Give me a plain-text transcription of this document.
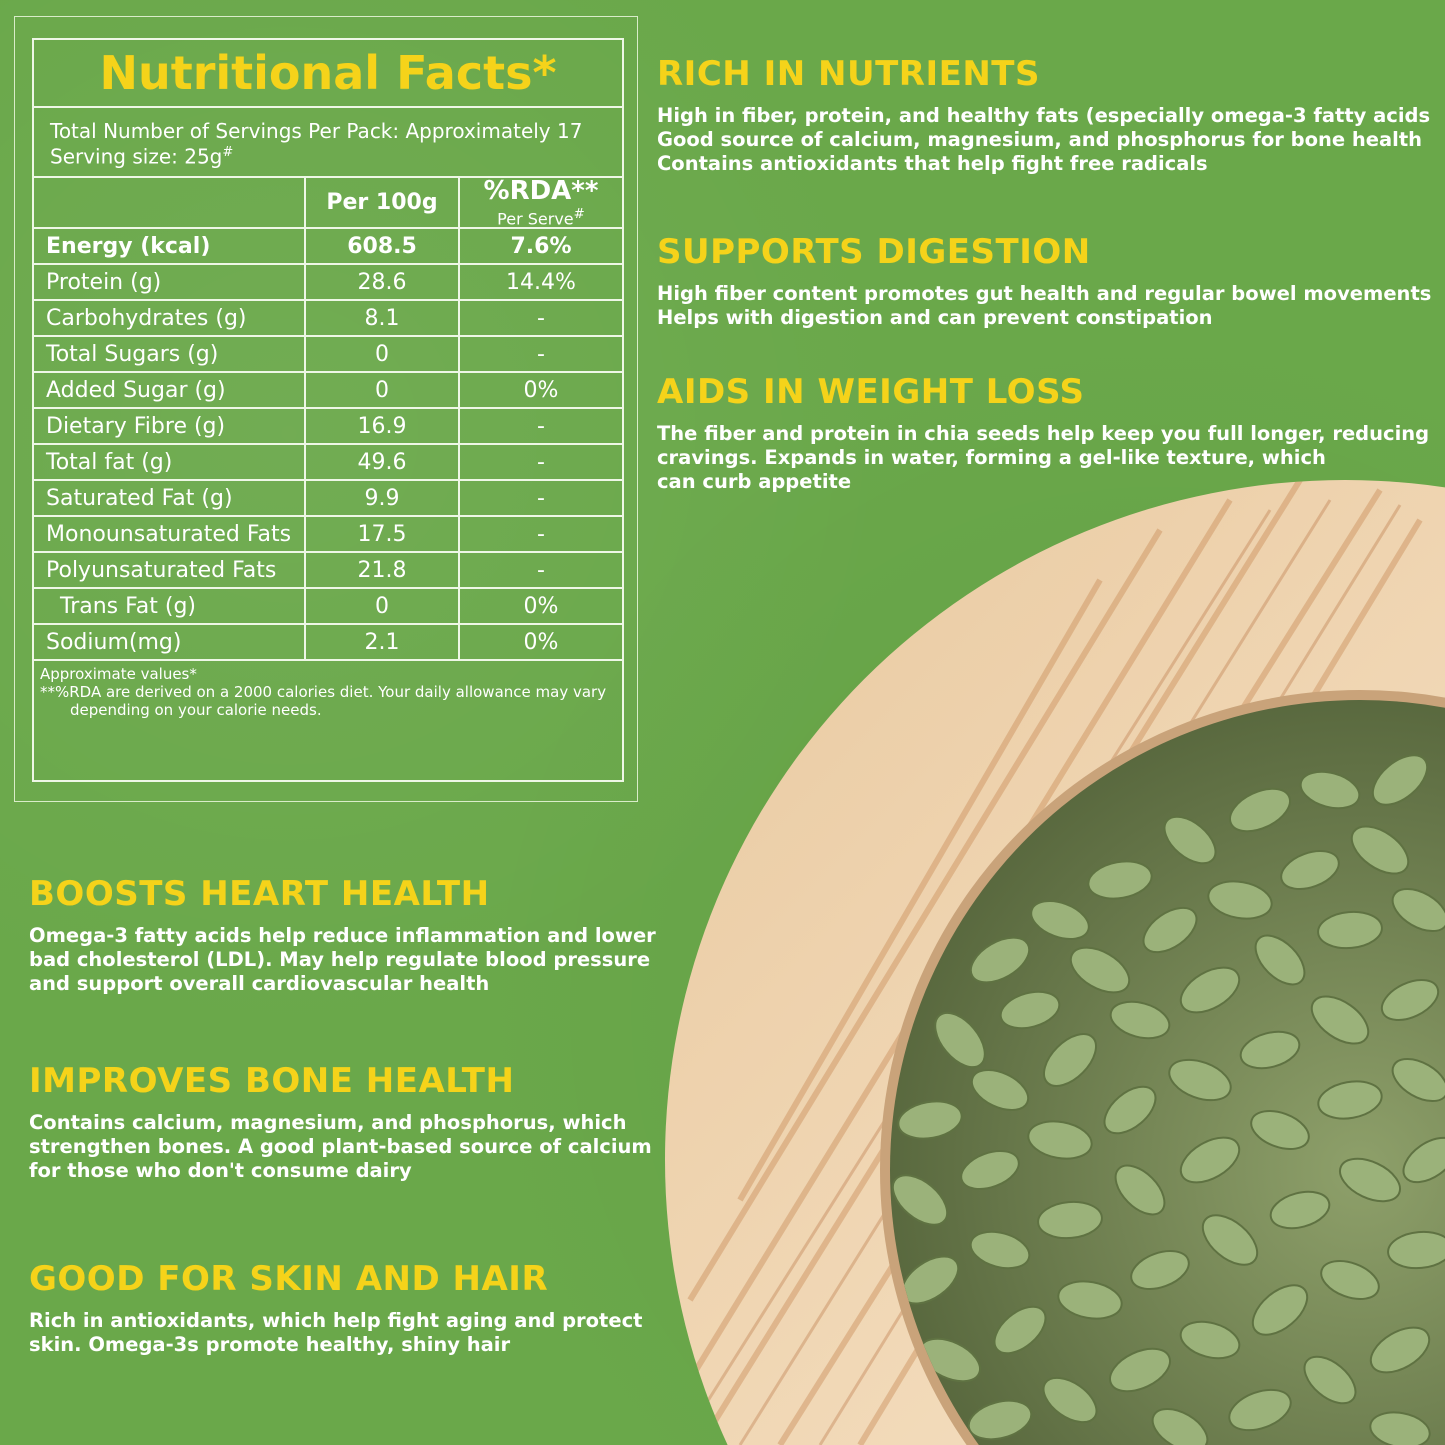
Nutritional Facts*
Total Number of Servings Per Pack: Approximately 17
Serving size: 25g#
	Per 100g	%RDA**
Per Serve#

Energy (kcal)	608.5	7.6%
Protein (g)	28.6	14.4%
Carbohydrates (g)	8.1	-
Total Sugars (g)	0	-
Added Sugar (g)	0	0%
Dietary Fibre (g)	16.9	-
Total fat (g)	49.6	-
Saturated Fat (g)	9.9	-
Monounsaturated Fats	17.5	-
Polyunsaturated Fats	21.8	-
Trans Fat (g)	0	0%
Sodium(mg)	2.1	0%
Approximate values*
**%RDA are derived on a 2000 calories diet. Your daily allowance may vary
depending on your calorie needs.
RICH IN NUTRIENTS

High in fiber, protein, and healthy fats (especially omega-3 fatty acids
Good source of calcium, magnesium, and phosphorus for bone health
Contains antioxidants that help fight free radicals

SUPPORTS DIGESTION

High fiber content promotes gut health and regular bowel movements
Helps with digestion and can prevent constipation

AIDS IN WEIGHT LOSS

The fiber and protein in chia seeds help keep you full longer, reducing
cravings. Expands in water, forming a gel-like texture, which
can curb appetite

BOOSTS HEART HEALTH

Omega-3 fatty acids help reduce inflammation and lower
bad cholesterol (LDL). May help regulate blood pressure
and support overall cardiovascular health

IMPROVES BONE HEALTH

Contains calcium, magnesium, and phosphorus, which
strengthen bones. A good plant-based source of calcium
for those who don't consume dairy

GOOD FOR SKIN AND HAIR

Rich in antioxidants, which help fight aging and protect
skin. Omega-3s promote healthy, shiny hair
